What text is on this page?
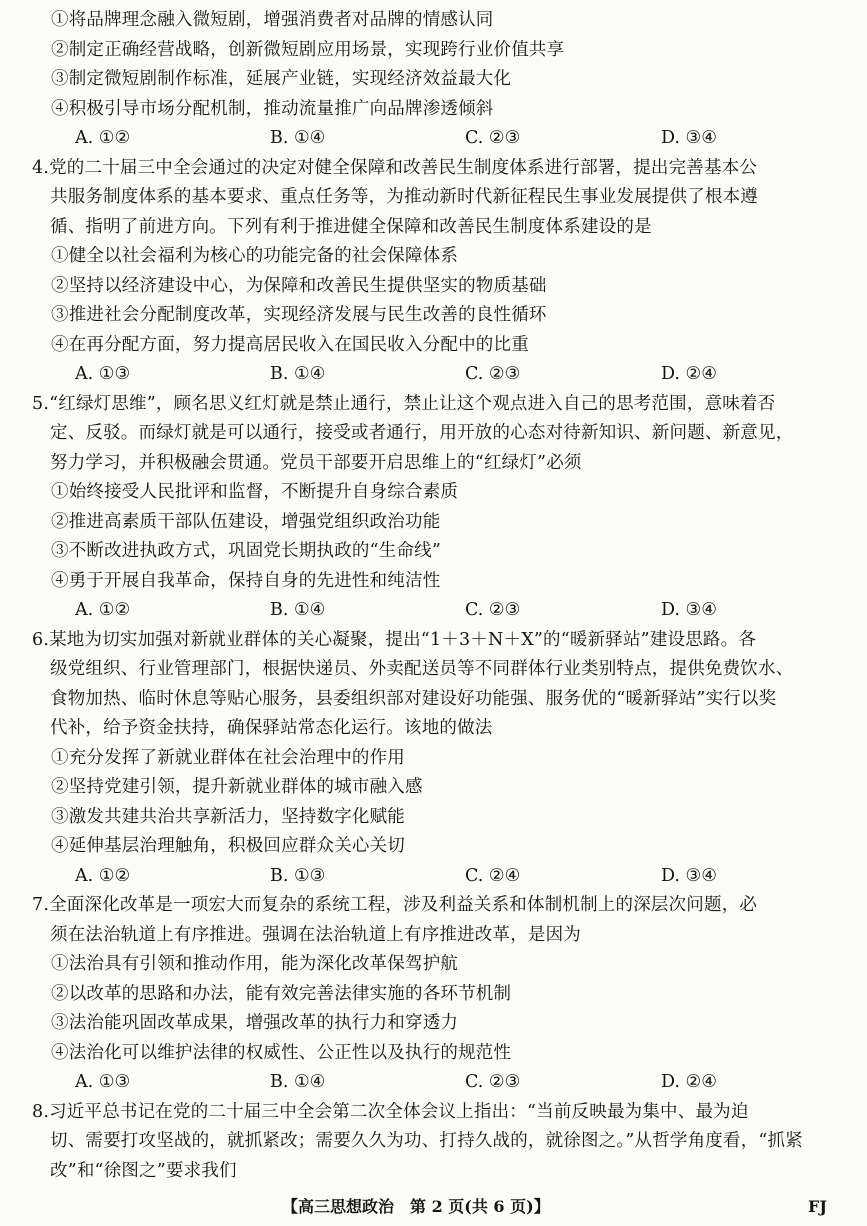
①将品牌理念融入微短剧，增强消费者对品牌的情感认同
②制定正确经营战略，创新微短剧应用场景，实现跨行业价值共享
③制定微短剧制作标准，延展产业链，实现经济效益最大化
④积极引导市场分配机制，推动流量推广向品牌渗透倾斜
A. ①②	B. ①④	C. ②③	D. ③④
4.党的二十届三中全会通过的决定对健全保障和改善民生制度体系进行部署，提出完善基本公
共服务制度体系的基本要求、重点任务等，为推动新时代新征程民生事业发展提供了根本遵
循、指明了前进方向。下列有利于推进健全保障和改善民生制度体系建设的是
①健全以社会福利为核心的功能完备的社会保障体系
②坚持以经济建设中心，为保障和改善民生提供坚实的物质基础
③推进社会分配制度改革，实现经济发展与民生改善的良性循环
④在再分配方面，努力提高居民收入在国民收入分配中的比重
A. ①③	B. ①④	C. ②③	D. ②④
5.“红绿灯思维”，顾名思义红灯就是禁止通行，禁止让这个观点进入自己的思考范围，意味着否
定、反驳。而绿灯就是可以通行，接受或者通行，用开放的心态对待新知识、新问题、新意见，
努力学习，并积极融会贯通。党员干部要开启思维上的“红绿灯”必须
①始终接受人民批评和监督，不断提升自身综合素质
②推进高素质干部队伍建设，增强党组织政治功能
③不断改进执政方式，巩固党长期执政的“生命线”
④勇于开展自我革命，保持自身的先进性和纯洁性
A. ①②	B. ①④	C. ②③	D. ③④
6.某地为切实加强对新就业群体的关心凝聚，提出“1＋3＋N＋X”的“暖新驿站”建设思路。各
级党组织、行业管理部门，根据快递员、外卖配送员等不同群体行业类别特点，提供免费饮水、
食物加热、临时休息等贴心服务，县委组织部对建设好功能强、服务优的“暖新驿站”实行以奖
代补，给予资金扶持，确保驿站常态化运行。该地的做法
①充分发挥了新就业群体在社会治理中的作用
②坚持党建引领，提升新就业群体的城市融入感
③激发共建共治共享新活力，坚持数字化赋能
④延伸基层治理触角，积极回应群众关心关切
A. ①②	B. ①③	C. ②④	D. ③④
7.全面深化改革是一项宏大而复杂的系统工程，涉及利益关系和体制机制上的深层次问题，必
须在法治轨道上有序推进。强调在法治轨道上有序推进改革，是因为
①法治具有引领和推动作用，能为深化改革保驾护航
②以改革的思路和办法，能有效完善法律实施的各环节机制
③法治能巩固改革成果，增强改革的执行力和穿透力
④法治化可以维护法律的权威性、公正性以及执行的规范性
A. ①③	B. ①④	C. ②③	D. ②④
8.习近平总书记在党的二十届三中全会第二次全体会议上指出：“当前反映最为集中、最为迫
切、需要打攻坚战的，就抓紧改；需要久久为功、打持久战的，就徐图之。”从哲学角度看，“抓紧
改”和“徐图之”要求我们
【高三思想政治　第 2 页(共 6 页)】	FJ
